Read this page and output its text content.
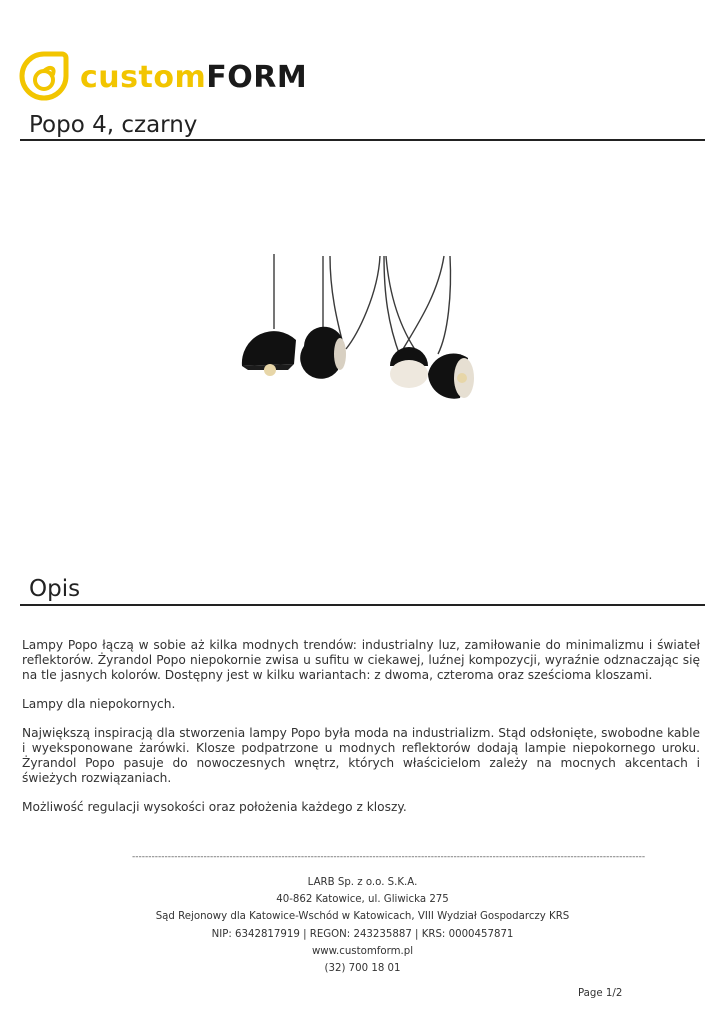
customFORM
Popo 4, czarny
Opis

Lampy Popo łączą w sobie aż kilka modnych trendów: industrialny luz, zamiłowanie do minimalizmu i świateł reflektorów. Żyrandol Popo niepokornie zwisa u sufitu w ciekawej, luźnej kompozycji, wyraźnie odznaczając się na tle jasnych kolorów. Dostępny jest w kilku wariantach: z dwoma, czteroma oraz sześcioma kloszami.

Lampy dla niepokornych.

Największą inspiracją dla stworzenia lampy Popo była moda na industrializm. Stąd odsłonięte, swobodne kable i wyeksponowane żarówki. Klosze podpatrzone u modnych reflektorów dodają lampie niepokornego uroku. Żyrandol Popo pasuje do nowoczesnych wnętrz, których właścicielom zależy na mocnych akcentach i świeżych rozwiązaniach.

Możliwość regulacji wysokości oraz położenia każdego z kloszy.

--------------------------------------------------------------------------------------------------------------------------------------------------------------
LARB Sp. z o.o. S.K.A.
40-862 Katowice, ul. Gliwicka 275
Sąd Rejonowy dla Katowice-Wschód w Katowicach, VIII Wydział Gospodarczy KRS
NIP: 6342817919 | REGON: 243235887 | KRS: 0000457871
www.customform.pl
(32) 700 18 01
Page 1/2
